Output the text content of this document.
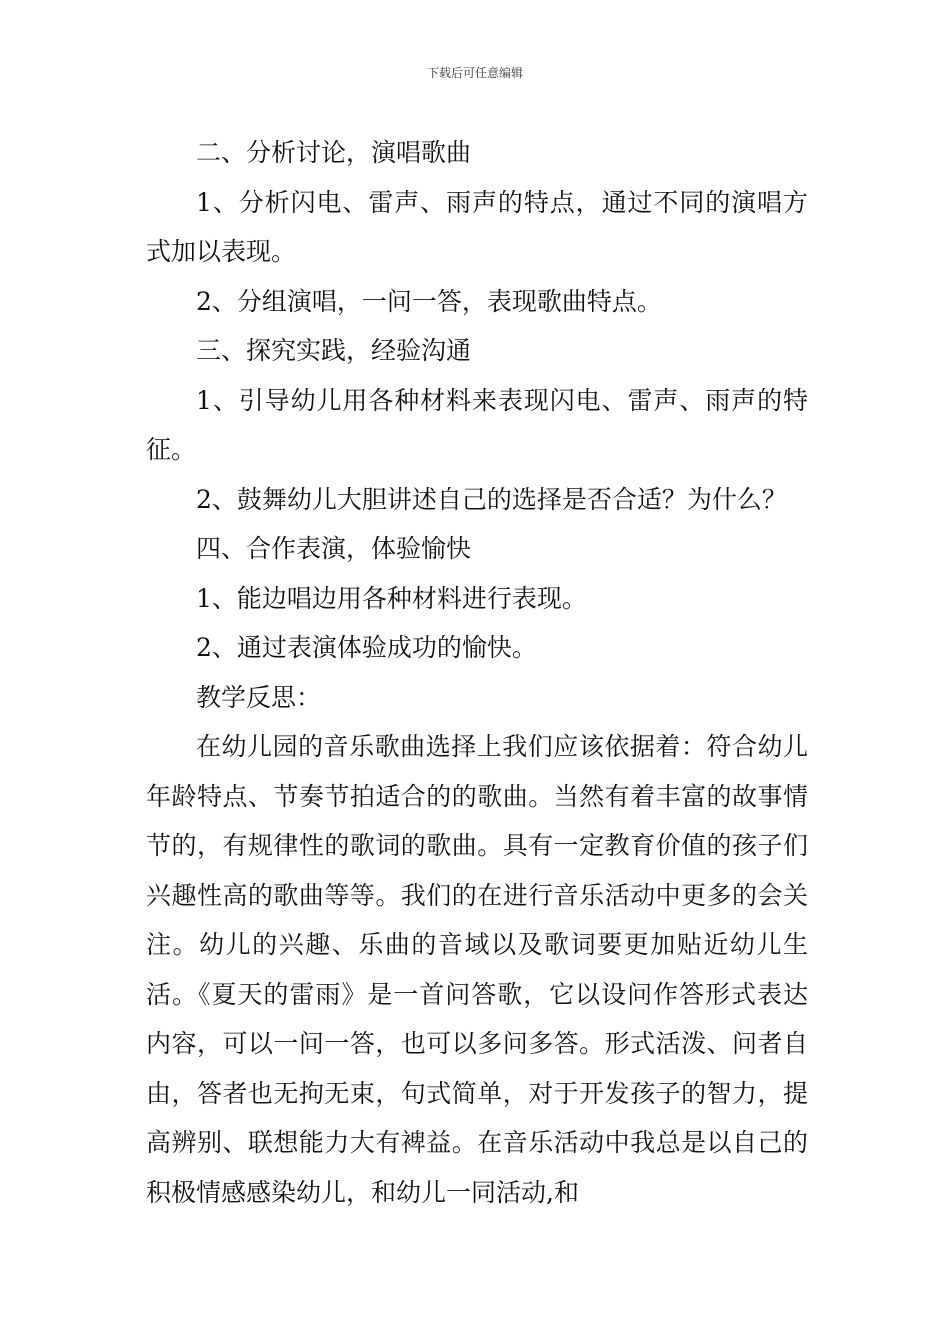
下载后可任意编辑

二、分析讨论，演唱歌曲

1、分析闪电、雷声、雨声的特点，通过不同的演唱方式加以表现。

2、分组演唱，一问一答，表现歌曲特点。

三、探究实践，经验沟通

1、引导幼儿用各种材料来表现闪电、雷声、雨声的特征。

2、鼓舞幼儿大胆讲述自己的选择是否合适？为什么？

四、合作表演，体验愉快

1、能边唱边用各种材料进行表现。

2、通过表演体验成功的愉快。

教学反思：

在幼儿园的音乐歌曲选择上我们应该依据着：符合幼儿年龄特点、节奏节拍适合的的歌曲。当然有着丰富的故事情节的，有规律性的歌词的歌曲。具有一定教育价值的孩子们兴趣性高的歌曲等等。我们的在进行音乐活动中更多的会关注。幼儿的兴趣、乐曲的音域以及歌词要更加贴近幼儿生活。《夏天的雷雨》是一首问答歌，它以设问作答形式表达内容，可以一问一答，也可以多问多答。形式活泼、问者自由，答者也无拘无束，句式简单，对于开发孩子的智力，提高辨别、联想能力大有裨益。在音乐活动中我总是以自己的积极情感感染幼儿，和幼儿一同活动,和
